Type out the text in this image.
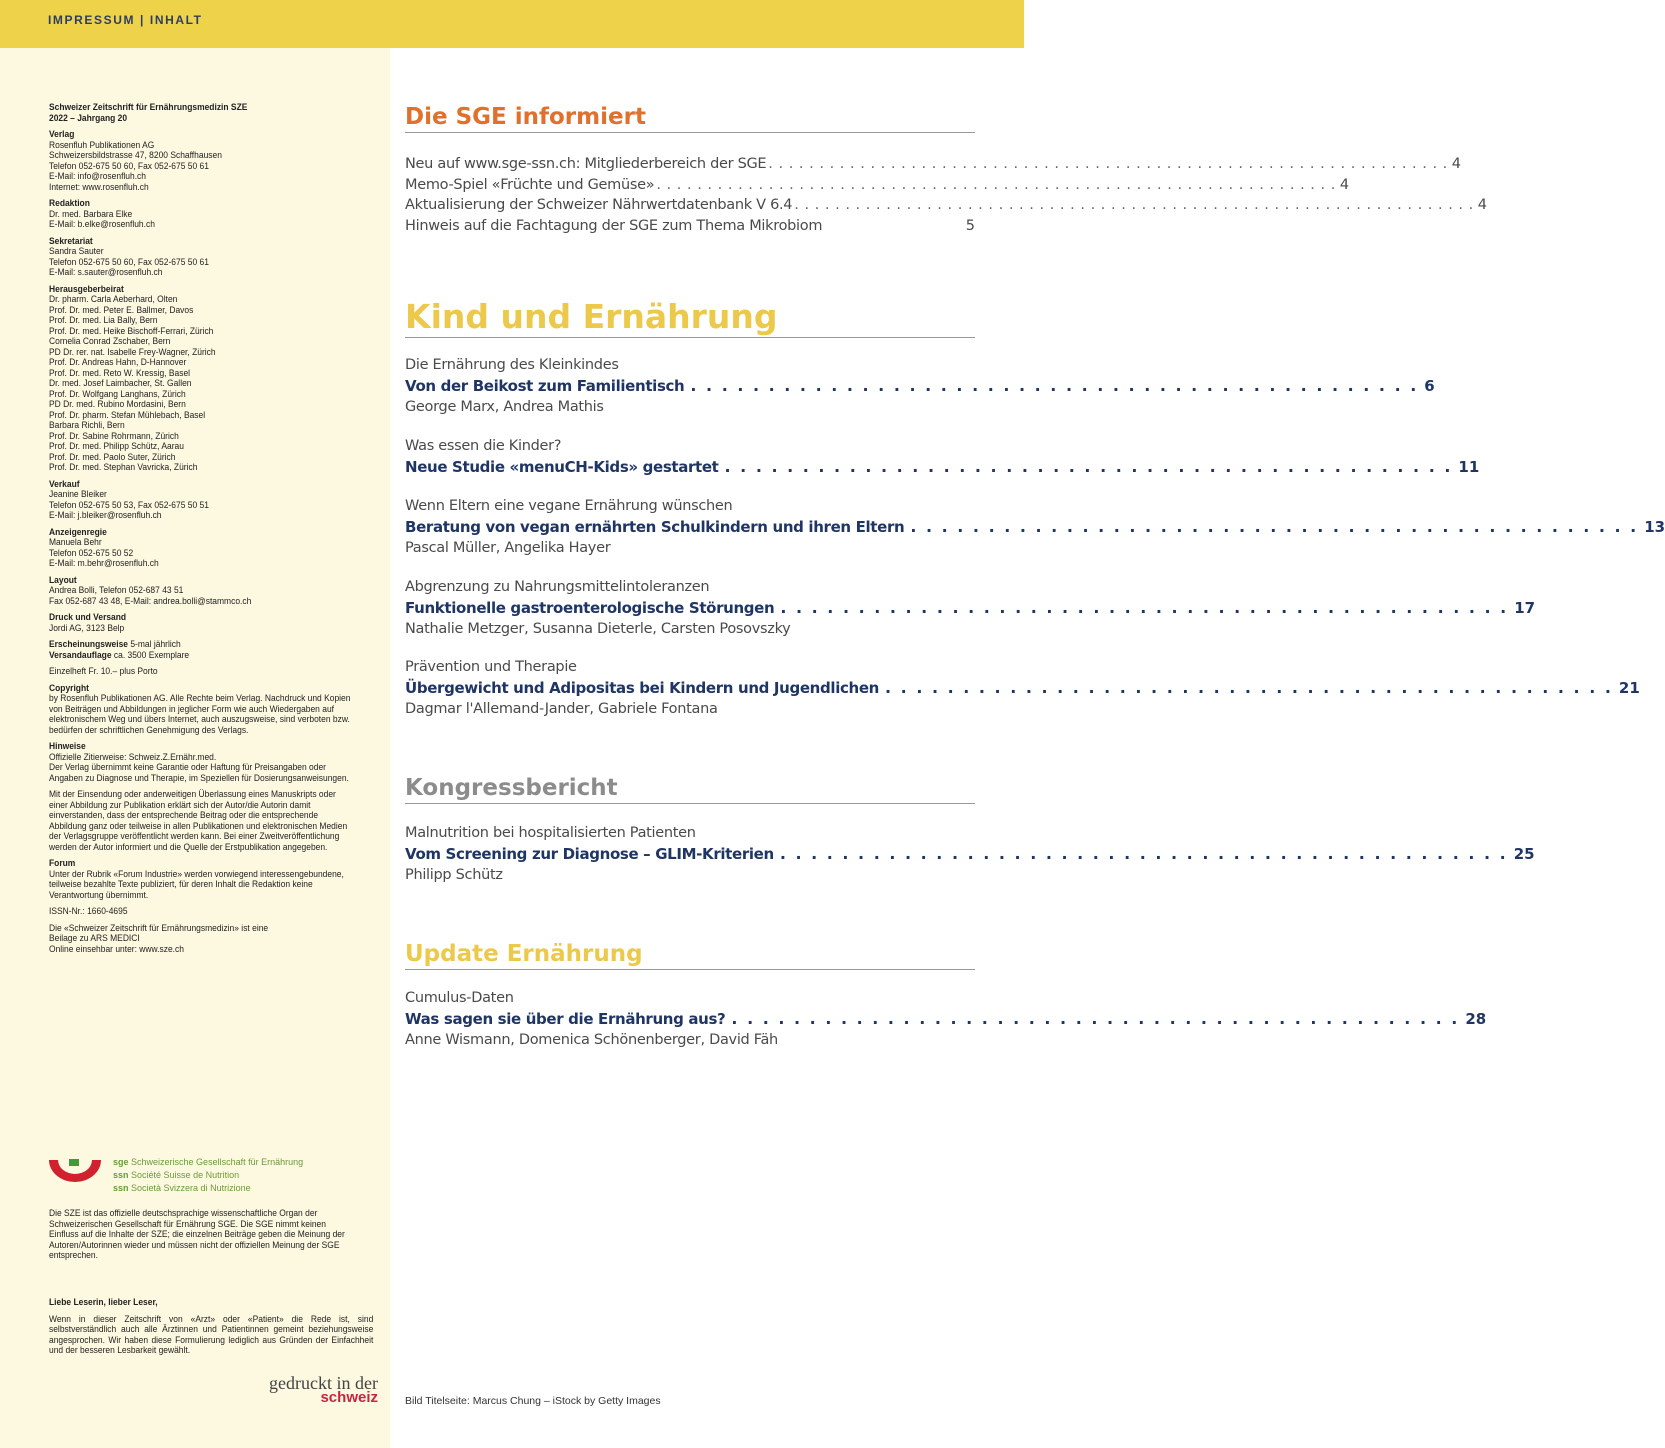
IMPRESSUM | INHALT
Schweizer Zeitschrift für Ernährungsmedizin SZE
2022 – Jahrgang 20
Verlag
Rosenfluh Publikationen AG
Schweizersbildstrasse 47, 8200 Schaffhausen
Telefon 052-675 50 60, Fax 052-675 50 61
E-Mail: info@rosenfluh.ch
Internet: www.rosenfluh.ch
Redaktion
Dr. med. Barbara Elke
E-Mail: b.elke@rosenfluh.ch
Sekretariat
Sandra Sauter
Telefon 052-675 50 60, Fax 052-675 50 61
E-Mail: s.sauter@rosenfluh.ch
Herausgeberbeirat
Dr. pharm. Carla Aeberhard, Olten
Prof. Dr. med. Peter E. Ballmer, Davos
Prof. Dr. med. Lia Bally, Bern
Prof. Dr. med. Heike Bischoff-Ferrari, Zürich
Cornelia Conrad Zschaber, Bern
PD Dr. rer. nat. Isabelle Frey-Wagner, Zürich
Prof. Dr. Andreas Hahn, D-Hannover
Prof. Dr. med. Reto W. Kressig, Basel
Dr. med. Josef Laimbacher, St. Gallen
Prof. Dr. Wolfgang Langhans, Zürich
PD Dr. med. Rubino Mordasini, Bern
Prof. Dr. pharm. Stefan Mühlebach, Basel
Barbara Richli, Bern
Prof. Dr. Sabine Rohrmann, Zürich
Prof. Dr. med. Philipp Schütz, Aarau
Prof. Dr. med. Paolo Suter, Zürich
Prof. Dr. med. Stephan Vavricka, Zürich
Verkauf
Jeanine Bleiker
Telefon 052-675 50 53, Fax 052-675 50 51
E-Mail: j.bleiker@rosenfluh.ch
Anzeigenregie
Manuela Behr
Telefon 052-675 50 52
E-Mail: m.behr@rosenfluh.ch
Layout
Andrea Bolli, Telefon 052-687 43 51
Fax 052-687 43 48, E-Mail: andrea.bolli@stammco.ch
Druck und Versand
Jordi AG, 3123 Belp
Erscheinungsweise 5-mal jährlich
Versandauflage ca. 3500 Exemplare
Einzelheft Fr. 10.– plus Porto
Copyright
by Rosenfluh Publikationen AG. Alle Rechte beim Verlag. Nachdruck und Kopien von Beiträgen und Abbildungen in jeglicher Form wie auch Wiedergaben auf elektronischem Weg und übers Internet, auch auszugsweise, sind verboten bzw. bedürfen der schriftlichen Genehmigung des Verlags.
Hinweise
Offizielle Zitierweise: Schweiz.Z.Ernähr.med.
Der Verlag übernimmt keine Garantie oder Haftung für Preisangaben oder Angaben zu Diagnose und Therapie, im Speziellen für Dosierungsanweisungen.
Mit der Einsendung oder anderweitigen Überlassung eines Manuskripts oder einer Abbildung zur Publikation erklärt sich der Autor/die Autorin damit einverstanden, dass der entsprechende Beitrag oder die entsprechende Abbildung ganz oder teilweise in allen Publikationen und elektronischen Medien der Verlagsgruppe veröffentlicht werden kann. Bei einer Zweitveröffentlichung werden der Autor informiert und die Quelle der Erstpublikation angegeben.
Forum
Unter der Rubrik «Forum Industrie» werden vorwiegend interessengebundene, teilweise bezahlte Texte publiziert, für deren Inhalt die Redaktion keine Verantwortung übernimmt.
ISSN-Nr.: 1660-4695
Die «Schweizer Zeitschrift für Ernährungsmedizin» ist eine
Beilage zu ARS MEDICI
Online einsehbar unter: www.sze.ch
sge Schweizerische Gesellschaft für Ernährung
ssn Société Suisse de Nutrition
ssn Società Svizzera di Nutrizione
Die SZE ist das offizielle deutschsprachige wissenschaftliche Organ der Schweizerischen Gesellschaft für Ernährung SGE. Die SGE nimmt keinen Einfluss auf die Inhalte der SZE; die einzelnen Beiträge geben die Meinung der Autoren/Autorinnen wieder und müssen nicht der offiziellen Meinung der SGE entsprechen.
Liebe Leserin, lieber Leser,
Wenn in dieser Zeitschrift von «Arzt» oder «Patient» die Rede ist, sind selbstverständlich auch alle Ärztinnen und Patientinnen gemeint beziehungsweise angesprochen. Wir haben diese Formulierung lediglich aus Gründen der Einfachheit und der besseren Lesbarkeit gewählt.
gedruckt in der
schweiz
Die SGE informiert
Neu auf www.sge-ssn.ch: Mitgliederbereich der SGE . . . . . . . . . . . . . . . . . . . . . . . . . . . . . . . . . . . . . . . . . . . . . . . . . . . . . . . . . . . . . . . . . . . 4
Memo-Spiel «Früchte und Gemüse» . . . . . . . . . . . . . . . . . . . . . . . . . . . . . . . . . . . . . . . . . . . . . . . . . . . . . . . . . . . . . . . . . . . 4
Aktualisierung der Schweizer Nährwertdatenbank V 6.4 . . . . . . . . . . . . . . . . . . . . . . . . . . . . . . . . . . . . . . . . . . . . . . . . . . . . . . . . . . . . . . . . . . . 4
Hinweis auf die Fachtagung der SGE zum Thema Mikrobiom	5
Kind und Ernährung
Die Ernährung des Kleinkindes
Von der Beikost zum Familientisch . . . . . . . . . . . . . . . . . . . . . . . . . . . . . . . . . . . . . . . . . . . . . . . 6
George Marx, Andrea Mathis
Was essen die Kinder?
Neue Studie «menuCH-Kids» gestartet . . . . . . . . . . . . . . . . . . . . . . . . . . . . . . . . . . . . . . . . . . . . . . . 11
Wenn Eltern eine vegane Ernährung wünschen
Beratung von vegan ernährten Schulkindern und ihren Eltern . . . . . . . . . . . . . . . . . . . . . . . . . . . . . . . . . . . . . . . . . . . . . . . 13
Pascal Müller, Angelika Hayer
Abgrenzung zu Nahrungsmittelintoleranzen
Funktionelle gastroenterologische Störungen . . . . . . . . . . . . . . . . . . . . . . . . . . . . . . . . . . . . . . . . . . . . . . . 17
Nathalie Metzger, Susanna Dieterle, Carsten Posovszky
Prävention und Therapie
Übergewicht und Adipositas bei Kindern und Jugendlichen . . . . . . . . . . . . . . . . . . . . . . . . . . . . . . . . . . . . . . . . . . . . . . . 21
Dagmar l'Allemand-Jander, Gabriele Fontana
Kongressbericht
Malnutrition bei hospitalisierten Patienten
Vom Screening zur Diagnose – GLIM-Kriterien . . . . . . . . . . . . . . . . . . . . . . . . . . . . . . . . . . . . . . . . . . . . . . . 25
Philipp Schütz
Update Ernährung
Cumulus-Daten
Was sagen sie über die Ernährung aus? . . . . . . . . . . . . . . . . . . . . . . . . . . . . . . . . . . . . . . . . . . . . . . . 28
Anne Wismann, Domenica Schönenberger, David Fäh
Bild Titelseite: Marcus Chung – iStock by Getty Images
